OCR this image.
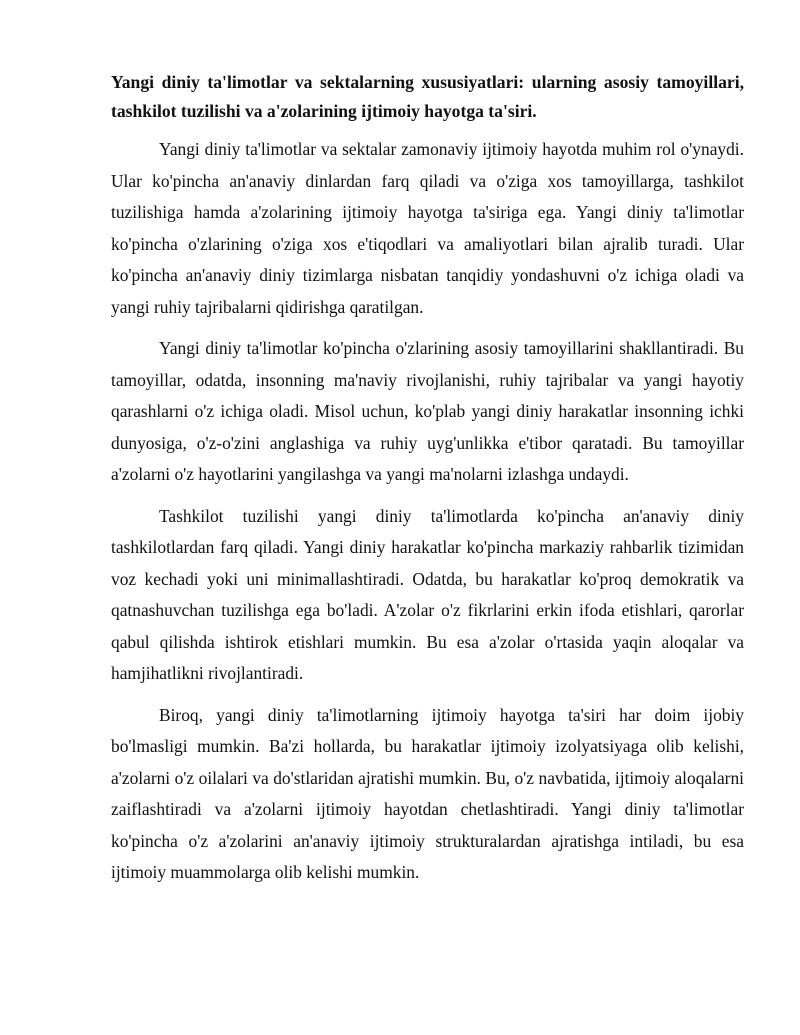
Yangi diniy ta'limotlar va sektalarning xususiyatlari: ularning asosiy tamoyillari, tashkilot tuzilishi va a'zolarining ijtimoiy hayotga ta'siri.

Yangi diniy ta'limotlar va sektalar zamonaviy ijtimoiy hayotda muhim rol o'ynaydi. Ular ko'pincha an'anaviy dinlardan farq qiladi va o'ziga xos tamoyillarga, tashkilot tuzilishiga hamda a'zolarining ijtimoiy hayotga ta'siriga ega. Yangi diniy ta'limotlar ko'pincha o'zlarining o'ziga xos e'tiqodlari va amaliyotlari bilan ajralib turadi. Ular ko'pincha an'anaviy diniy tizimlarga nisbatan tanqidiy yondashuvni o'z ichiga oladi va yangi ruhiy tajribalarni qidirishga qaratilgan.

Yangi diniy ta'limotlar ko'pincha o'zlarining asosiy tamoyillarini shakllantiradi. Bu tamoyillar, odatda, insonning ma'naviy rivojlanishi, ruhiy tajribalar va yangi hayotiy qarashlarni o'z ichiga oladi. Misol uchun, ko'plab yangi diniy harakatlar insonning ichki dunyosiga, o'z-o'zini anglashiga va ruhiy uyg'unlikka e'tibor qaratadi. Bu tamoyillar a'zolarni o'z hayotlarini yangilashga va yangi ma'nolarni izlashga undaydi.

Tashkilot tuzilishi yangi diniy ta'limotlarda ko'pincha an'anaviy diniy tashkilotlardan farq qiladi. Yangi diniy harakatlar ko'pincha markaziy rahbarlik tizimidan voz kechadi yoki uni minimallashtiradi. Odatda, bu harakatlar ko'proq demokratik va qatnashuvchan tuzilishga ega bo'ladi. A'zolar o'z fikrlarini erkin ifoda etishlari, qarorlar qabul qilishda ishtirok etishlari mumkin. Bu esa a'zolar o'rtasida yaqin aloqalar va hamjihatlikni rivojlantiradi.

Biroq, yangi diniy ta'limotlarning ijtimoiy hayotga ta'siri har doim ijobiy bo'lmasligi mumkin. Ba'zi hollarda, bu harakatlar ijtimoiy izolyatsiyaga olib kelishi, a'zolarni o'z oilalari va do'stlaridan ajratishi mumkin. Bu, o'z navbatida, ijtimoiy aloqalarni zaiflashtiradi va a'zolarni ijtimoiy hayotdan chetlashtiradi. Yangi diniy ta'limotlar ko'pincha o'z a'zolarini an'anaviy ijtimoiy strukturalardan ajratishga intiladi, bu esa ijtimoiy muammolarga olib kelishi mumkin.
